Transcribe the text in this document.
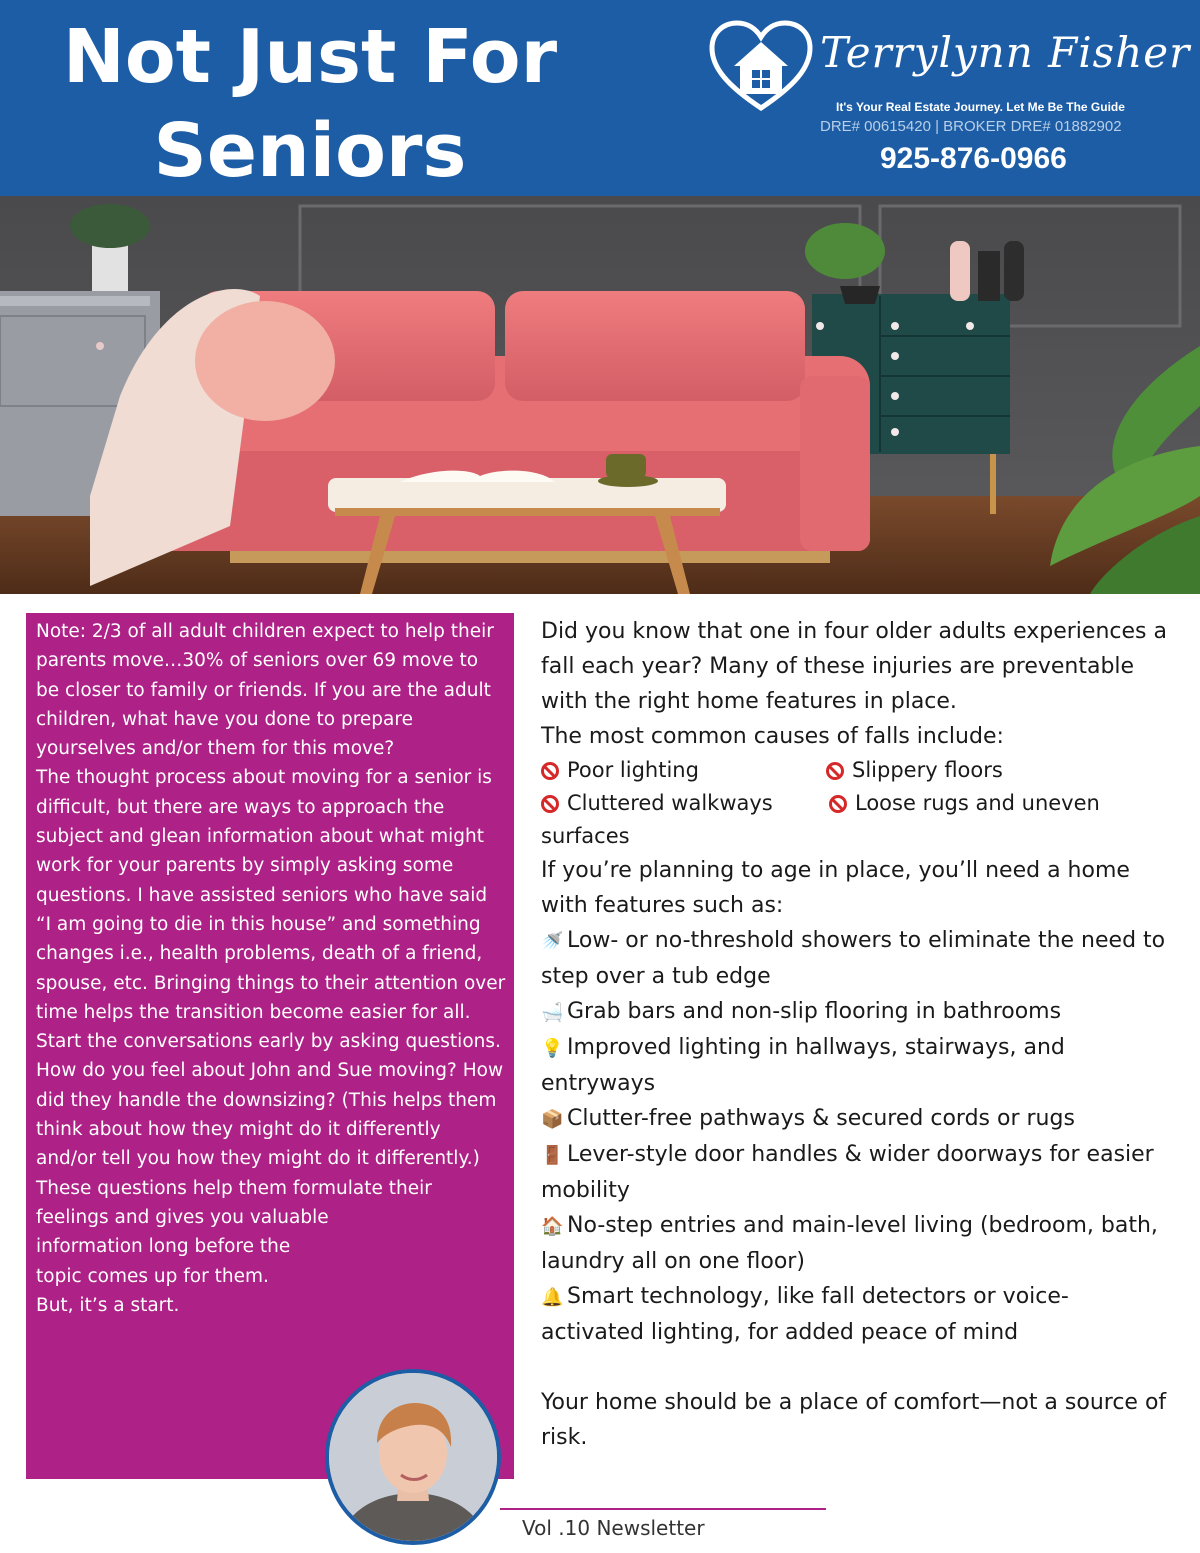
Not Just For
Seniors
Terrylynn Fisher
It's Your Real Estate Journey. Let Me Be The Guide
DRE# 00615420 | BROKER DRE# 01882902
925-876-0966

Note: 2/3 of all adult children expect to help their parents move…30% of seniors over 69 move to be closer to family or friends. If you are the adult children, what have you done to prepare yourselves and/or them for this move?

The thought process about moving for a senior is difficult, but there are ways to approach the subject and glean information about what might work for your parents by simply asking some questions. I have assisted seniors who have said “I am going to die in this house” and something changes i.e., health problems, death of a friend, spouse, etc. Bringing things to their attention over time helps the transition become easier for all. Start the conversations early by asking questions.

How do you feel about John and Sue moving? How did they handle the downsizing? (This helps them think about how they might do it differently and/or tell you how they might do it differently.) These questions help them formulate their feelings and gives you valuable

information long before the

topic comes up for them.

But, it’s a start.

Did you know that one in four older adults experiences a fall each year? Many of these injuries are preventable with the right home features in place.

The most common causes of falls include:

Poor lighting	Slippery floors
Cluttered walkways	Loose rugs and uneven

surfaces

If you’re planning to age in place, you’ll need a home with features such as:

🚿 Low- or no-threshold showers to eliminate the need to step over a tub edge

🛁 Grab bars and non-slip flooring in bathrooms

💡 Improved lighting in hallways, stairways, and entryways

📦 Clutter-free pathways & secured cords or rugs

🚪 Lever-style door handles & wider doorways for easier mobility

🏠 No-step entries and main-level living (bedroom, bath, laundry all on one floor)

🔔 Smart technology, like fall detectors or voice-activated lighting, for added peace of mind

Your home should be a place of comfort—not a source of risk.

Vol .10 Newsletter
